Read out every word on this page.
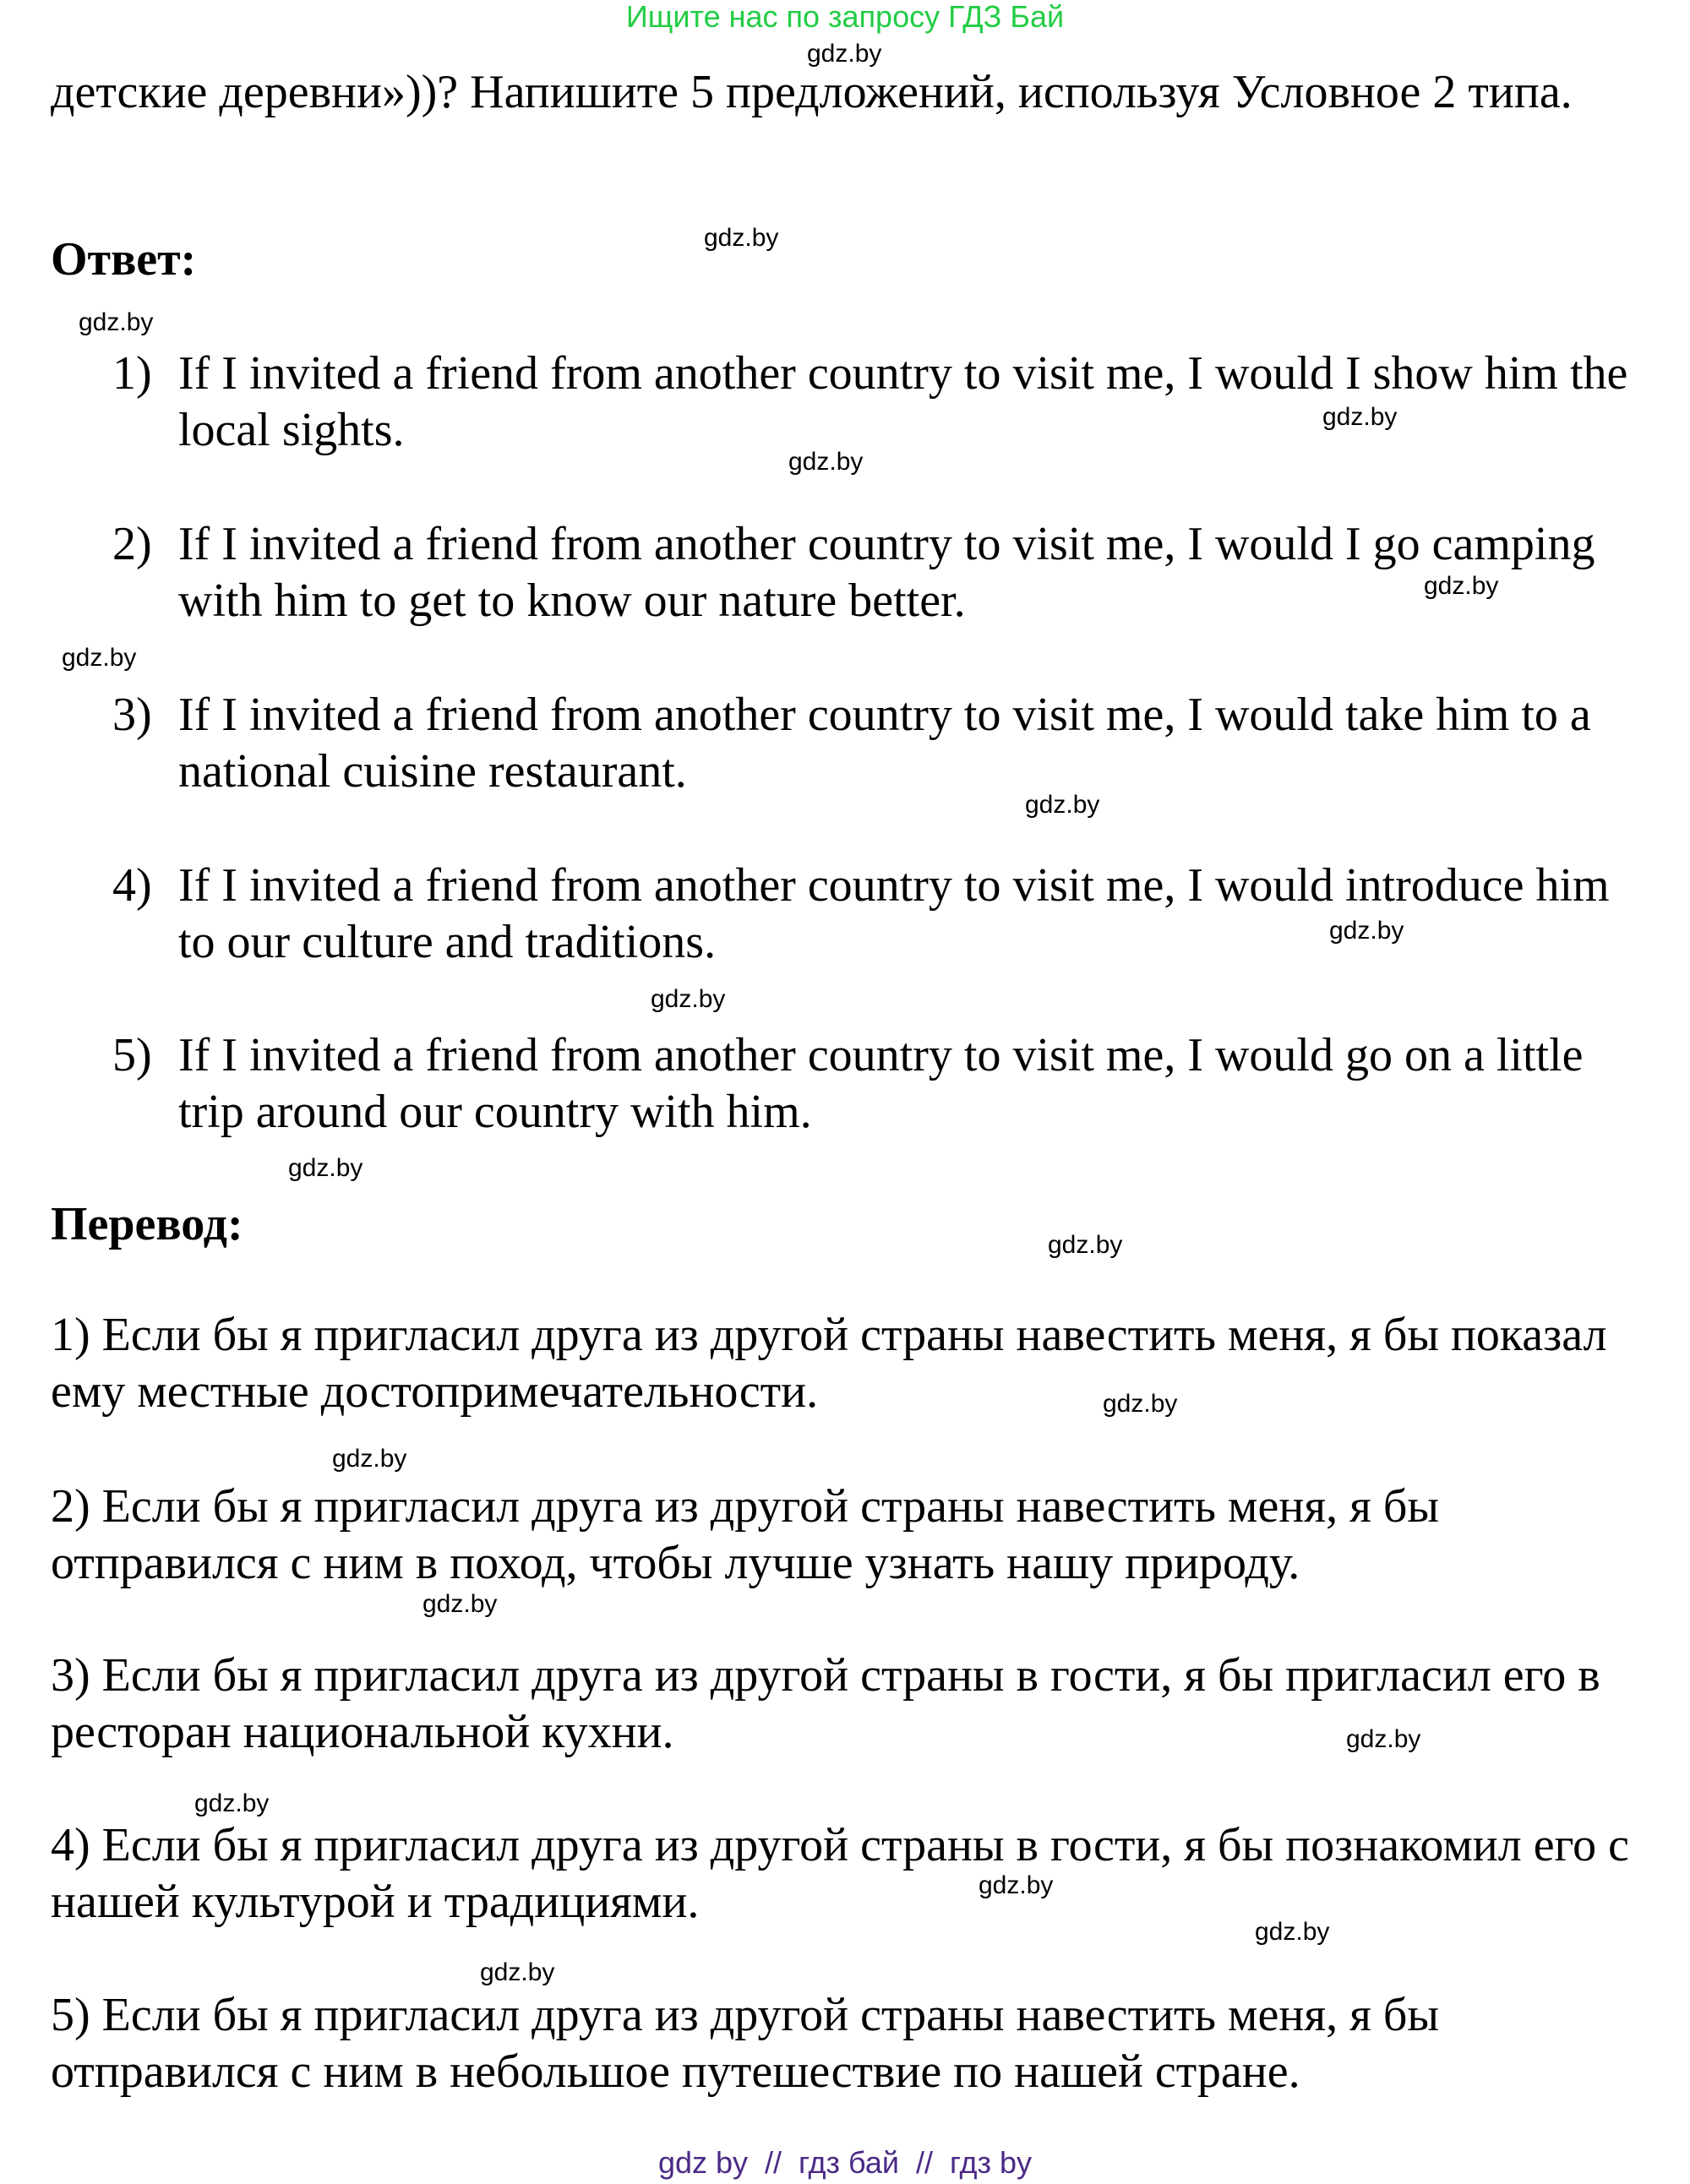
Ищите нас по запросу ГДЗ Бай
детские деревни»))? Напишите 5 предложений, используя Условное 2 типа.
Ответ:
1) If I invited a friend from another country to visit me, I would I show him the local sights.
2) If I invited a friend from another country to visit me, I would I go camping with him to get to know our nature better.
3) If I invited a friend from another country to visit me, I would take him to a national cuisine restaurant.
4) If I invited a friend from another country to visit me, I would introduce him to our culture and traditions.
5) If I invited a friend from another country to visit me, I would go on a little trip around our country with him.
Перевод:
1) Если бы я пригласил друга из другой страны навестить меня, я бы показал ему местные достопримечательности.
2) Если бы я пригласил друга из другой страны навестить меня, я бы отправился с ним в поход, чтобы лучше узнать нашу природу.
3) Если бы я пригласил друга из другой страны в гости, я бы пригласил его в ресторан национальной кухни.
4) Если бы я пригласил друга из другой страны в гости, я бы познакомил его с нашей культурой и традициями.
5) Если бы я пригласил друга из другой страны навестить меня, я бы отправился с ним в небольшое путешествие по нашей стране.
gdz.by
gdz.by
gdz.by
gdz.by
gdz.by
gdz.by
gdz.by
gdz.by
gdz.by
gdz.by
gdz.by
gdz.by
gdz.by
gdz.by
gdz.by
gdz.by
gdz.by
gdz.by
gdz.by
gdz.by
gdz by  //  гдз бай  //  гдз by
